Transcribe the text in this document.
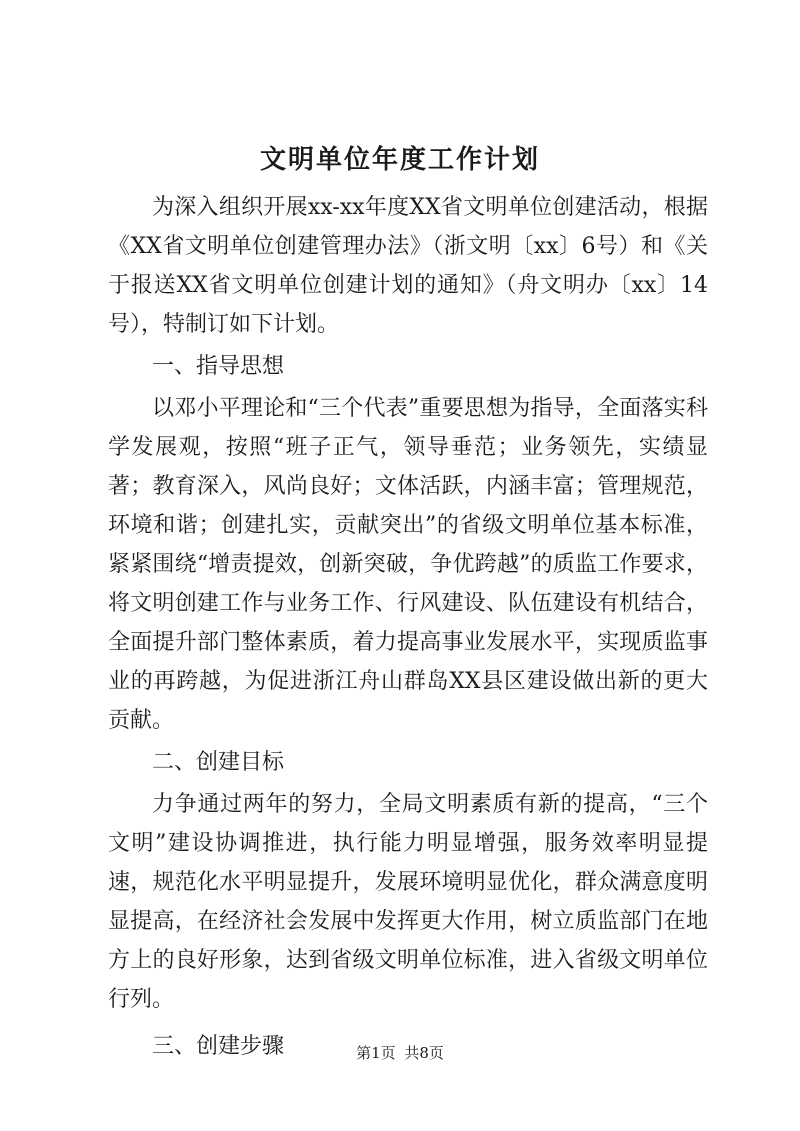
文明单位年度工作计划

为深入组织开展xx-xx年度XX省文明单位创建活动，根据《XX省文明单位创建管理办法》（浙文明〔xx〕6号）和《关于报送XX省文明单位创建计划的通知》（舟文明办〔xx〕14号），特制订如下计划。

一、指导思想

以邓小平理论和“三个代表”重要思想为指导，全面落实科学发展观，按照“班子正气，领导垂范；业务领先，实绩显著；教育深入，风尚良好；文体活跃，内涵丰富；管理规范，环境和谐；创建扎实，贡献突出”的省级文明单位基本标准，紧紧围绕“增责提效，创新突破，争优跨越”的质监工作要求，将文明创建工作与业务工作、行风建设、队伍建设有机结合，全面提升部门整体素质，着力提高事业发展水平，实现质监事业的再跨越，为促进浙江舟山群岛XX县区建设做出新的更大贡献。

二、创建目标

力争通过两年的努力，全局文明素质有新的提高，“三个文明”建设协调推进，执行能力明显增强，服务效率明显提速，规范化水平明显提升，发展环境明显优化，群众满意度明显提高，在经济社会发展中发挥更大作用，树立质监部门在地方上的良好形象，达到省级文明单位标准，进入省级文明单位行列。

三、创建步骤	第1页 共8页
